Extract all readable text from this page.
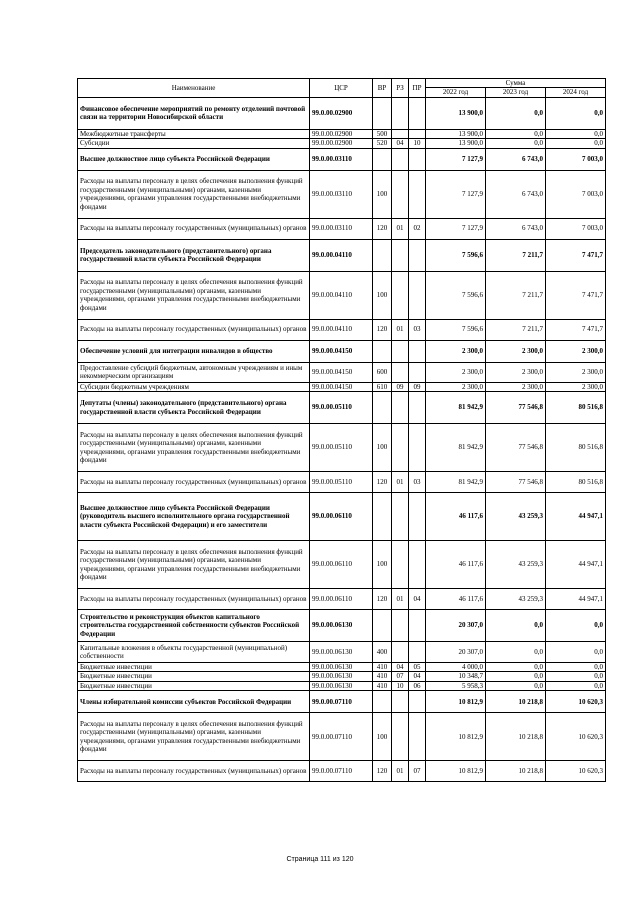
Наименование	ЦСР	ВР	РЗ	ПР	Сумма		
					2022 год	2023 год	2024 год
Финансовое обеспечение мероприятий по ремонту отделений почтовой связи на территории Новосибирской области	99.0.00.02900				13 900,0	0,0	0,0
Межбюджетные трансферты	99.0.00.02900	500			13 900,0	0,0	0,0
Субсидии	99.0.00.02900	520	04	10	13 900,0	0,0	0,0
Высшее должностное лицо субъекта Российской Федерации	99.0.00.03110				7 127,9	6 743,0	7 003,0
Расходы на выплаты персоналу в целях обеспечения выполнения функций государственными (муниципальными) органами, казенными учреждениями, органами управления государственными внебюджетными фондами	99.0.00.03110	100			7 127,9	6 743,0	7 003,0
Расходы на выплаты персоналу государственных (муниципальных) органов	99.0.00.03110	120	01	02	7 127,9	6 743,0	7 003,0
Председатель законодательного (представительного) органа государственной власти субъекта Российской Федерации	99.0.00.04110				7 596,6	7 211,7	7 471,7
Расходы на выплаты персоналу в целях обеспечения выполнения функций государственными (муниципальными) органами, казенными учреждениями, органами управления государственными внебюджетными фондами	99.0.00.04110	100			7 596,6	7 211,7	7 471,7
Расходы на выплаты персоналу государственных (муниципальных) органов	99.0.00.04110	120	01	03	7 596,6	7 211,7	7 471,7
Обеспечение условий для интеграции инвалидов в общество	99.0.00.04150				2 300,0	2 300,0	2 300,0
Предоставление субсидий бюджетным, автономным учреждениям и иным некоммерческим организациям	99.0.00.04150	600			2 300,0	2 300,0	2 300,0
Субсидии бюджетным учреждениям	99.0.00.04150	610	09	09	2 300,0	2 300,0	2 300,0
Депутаты (члены) законодательного (представительного) органа государственной власти субъекта Российской Федерации	99.0.00.05110				81 942,9	77 546,8	80 516,8
Расходы на выплаты персоналу в целях обеспечения выполнения функций государственными (муниципальными) органами, казенными учреждениями, органами управления государственными внебюджетными фондами	99.0.00.05110	100			81 942,9	77 546,8	80 516,8
Расходы на выплаты персоналу государственных (муниципальных) органов	99.0.00.05110	120	01	03	81 942,9	77 546,8	80 516,8
Высшее должностное лицо субъекта Российской Федерации (руководитель высшего исполнительного органа государственной власти субъекта Российской Федерации) и его заместители	99.0.00.06110				46 117,6	43 259,3	44 947,1
Расходы на выплаты персоналу в целях обеспечения выполнения функций государственными (муниципальными) органами, казенными учреждениями, органами управления государственными внебюджетными фондами	99.0.00.06110	100			46 117,6	43 259,3	44 947,1
Расходы на выплаты персоналу государственных (муниципальных) органов	99.0.00.06110	120	01	04	46 117,6	43 259,3	44 947,1
Строительство и реконструкция объектов капитального строительства государственной собственности субъектов Российской Федерации	99.0.00.06130				20 307,0	0,0	0,0
Капитальные вложения в объекты государственной (муниципальной) собственности	99.0.00.06130	400			20 307,0	0,0	0,0
Бюджетные инвестиции	99.0.00.06130	410	04	05	4 000,0	0,0	0,0
Бюджетные инвестиции	99.0.00.06130	410	07	04	10 348,7	0,0	0,0
Бюджетные инвестиции	99.0.00.06130	410	10	06	5 958,3	0,0	0,0
Члены избирательной комиссии субъектов Российской Федерации	99.0.00.07110				10 812,9	10 218,8	10 620,3
Расходы на выплаты персоналу в целях обеспечения выполнения функций государственными (муниципальными) органами, казенными учреждениями, органами управления государственными внебюджетными фондами	99.0.00.07110	100			10 812,9	10 218,8	10 620,3
Расходы на выплаты персоналу государственных (муниципальных) органов	99.0.00.07110	120	01	07	10 812,9	10 218,8	10 620,3
Страница 111 из 120
